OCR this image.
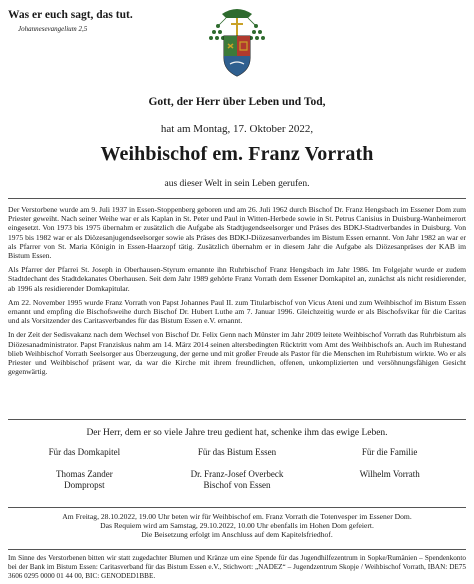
Was er euch sagt, das tut.
Johannesevangelium 2,5
Gott, der Herr über Leben und Tod,
hat am Montag, 17. Oktober 2022,
Weihbischof em. Franz Vorrath
aus dieser Welt in sein Leben gerufen.

Der Verstorbene wurde am 9. Juli 1937 in Essen-Stoppenberg geboren und am 26. Juli 1962 durch Bischof Dr. Franz Hengsbach im Essener Dom zum Priester geweiht. Nach seiner Weihe war er als Kaplan in St. Peter und Paul in Witten-Herbede sowie in St. Petrus Canisius in Duisburg-Wanheimerort eingesetzt. Von 1973 bis 1975 übernahm er zusätzlich die Aufgabe als Stadtjugendseelsorger und Präses des BDKJ-Stadtverbandes in Duisburg. Von 1975 bis 1982 war er als Diözesanjugendseelsorger sowie als Präses des BDKJ-Diözesanverbandes im Bistum Essen ernannt. Von Jahr 1982 an war er als Pfarrer von St. Maria Königin in Essen-Haarzopf tätig. Zusätzlich übernahm er in diesem Jahr die Aufgabe als Diözesanpräses der KAB im Bistum Essen.

Als Pfarrer der Pfarrei St. Joseph in Oberhausen-Styrum ernannte ihn Ruhrbischof Franz Hengsbach im Jahr 1986. Im Folgejahr wurde er zudem Stadtdechant des Stadtdekanates Oberhausen. Seit dem Jahr 1989 gehörte Franz Vorrath dem Essener Domkapitel an, zunächst als nicht residierender, ab 1996 als residierender Domkapitular.

Am 22. November 1995 wurde Franz Vorrath von Papst Johannes Paul II. zum Titularbischof von Vicus Ateni und zum Weihbischof im Bistum Essen ernannt und empfing die Bischofsweihe durch Bischof Dr. Hubert Luthe am 7. Januar 1996. Gleichzeitig wurde er als Bischofsvikar für die Caritas und als Vorsitzender des Caritasverbandes für das Bistum Essen e.V. ernannt.

In der Zeit der Sedisvakanz nach dem Wechsel von Bischof Dr. Felix Genn nach Münster im Jahr 2009 leitete Weihbischof Vorrath das Ruhrbistum als Diözesanadministrator. Papst Franziskus nahm am 14. März 2014 seinen altersbedingten Rücktritt vom Amt des Weihbischofs an. Auch im Ruhestand blieb Weihbischof Vorrath Seelsorger aus Überzeugung, der gerne und mit großer Freude als Pastor für die Menschen im Ruhrbistum wirkte. Wo er als Priester und Weihbischof präsent war, da war die Kirche mit ihrem freundlichen, offenen, unkomplizierten und versöhnungsfähigen Gesicht gegenwärtig.

Der Herr, dem er so viele Jahre treu gedient hat, schenke ihm das ewige Leben.
Für das Domkapitel
Thomas Zander
Dompropst
Für das Bistum Essen
Dr. Franz-Josef Overbeck
Bischof von Essen
Für die Familie
Wilhelm Vorrath
Am Freitag, 28.10.2022, 19.00 Uhr beten wir für Weihbischof em. Franz Vorrath die Totenvesper im Essener Dom.
Das Requiem wird am Samstag, 29.10.2022, 10.00 Uhr ebenfalls im Hohen Dom gefeiert.
Die Beisetzung erfolgt im Anschluss auf dem Kapitelsfriedhof.
Im Sinne des Verstorbenen bitten wir statt zugedachter Blumen und Kränze um eine Spende für das Jugendhilfezentrum in Sopke/Rumänien – Spendenkonto bei der Bank im Bistum Essen: Caritasverband für das Bistum Essen e.V., Stichwort: „NADEZ“ – Jugendzentrum Skopje / Weihbischof Vorrath, IBAN: DE75 3606 0295 0000 01 44 00, BIC: GENODED1BBE.
